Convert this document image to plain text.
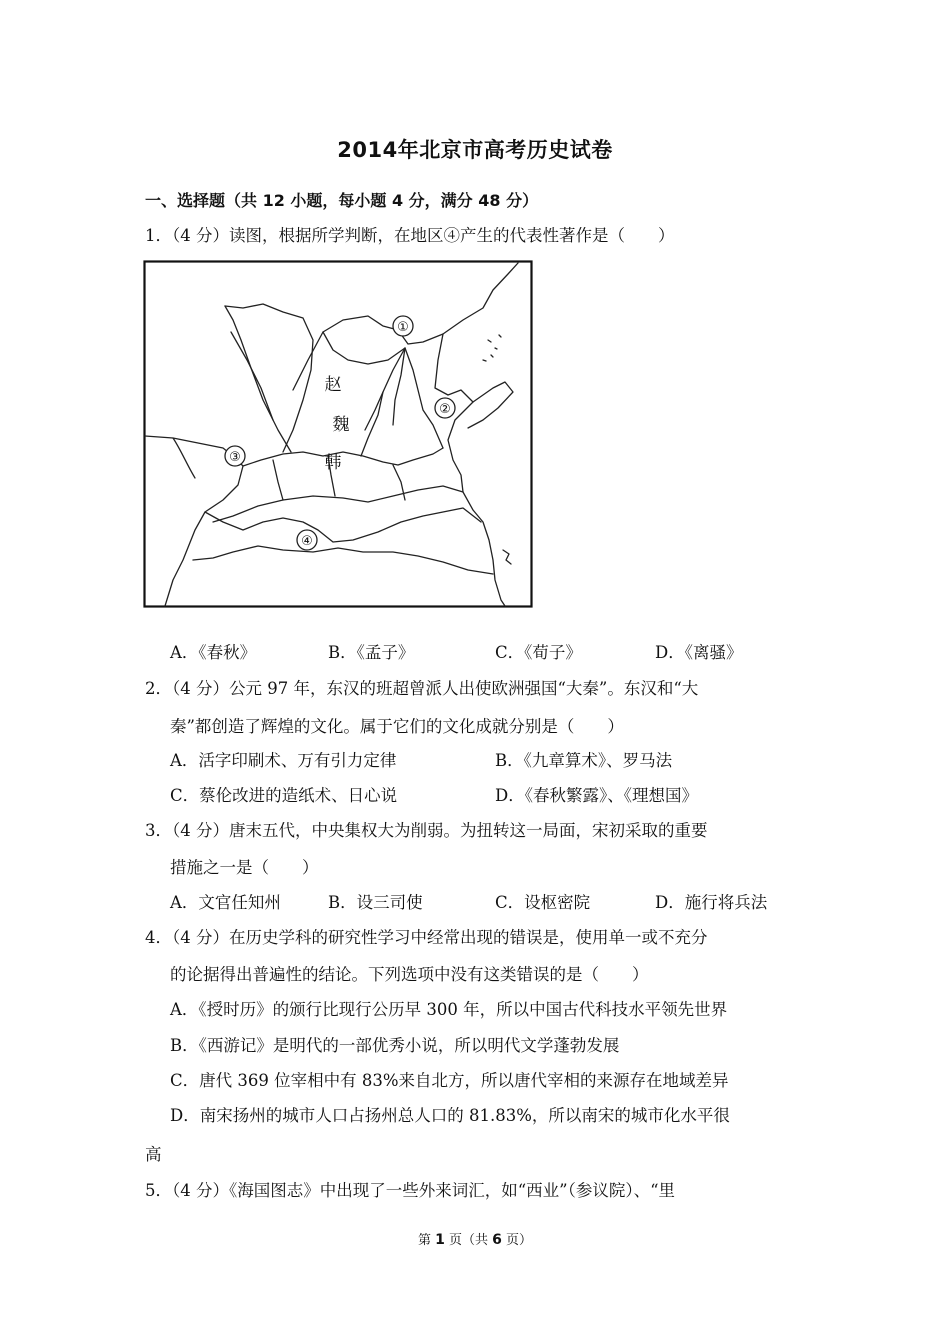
2014年北京市高考历史试卷
一、选择题（共 12 小题，每小题 4 分，满分 48 分）
1．（4 分）读图，根据所学判断，在地区④产生的代表性著作是（　　）
①
②
③
④
赵
魏
韩
A．《春秋》	B．《孟子》	C．《荀子》	D．《离骚》
2．（4 分）公元 97 年，东汉的班超曾派人出使欧洲强国“大秦”。东汉和“大
秦”都创造了辉煌的文化。属于它们的文化成就分别是（　　）
A．活字印刷术、万有引力定律	B．《九章算术》、罗马法
C．蔡伦改进的造纸术、日心说	D．《春秋繁露》、《理想国》
3．（4 分）唐末五代，中央集权大为削弱。为扭转这一局面，宋初采取的重要
措施之一是（　　）
A．文官任知州	B．设三司使	C．设枢密院	D．施行将兵法
4．（4 分）在历史学科的研究性学习中经常出现的错误是，使用单一或不充分
的论据得出普遍性的结论。下列选项中没有这类错误的是（　　）
A．《授时历》的颁行比现行公历早 300 年，所以中国古代科技水平领先世界
B．《西游记》是明代的一部优秀小说，所以明代文学蓬勃发展
C．唐代 369 位宰相中有 83%来自北方，所以唐代宰相的来源存在地域差异
D．南宋扬州的城市人口占扬州总人口的 81.83%，所以南宋的城市化水平很
高
5．（4 分）《海国图志》中出现了一些外来词汇，如“西业”（参议院）、“里
第 1 页（共 6 页）
